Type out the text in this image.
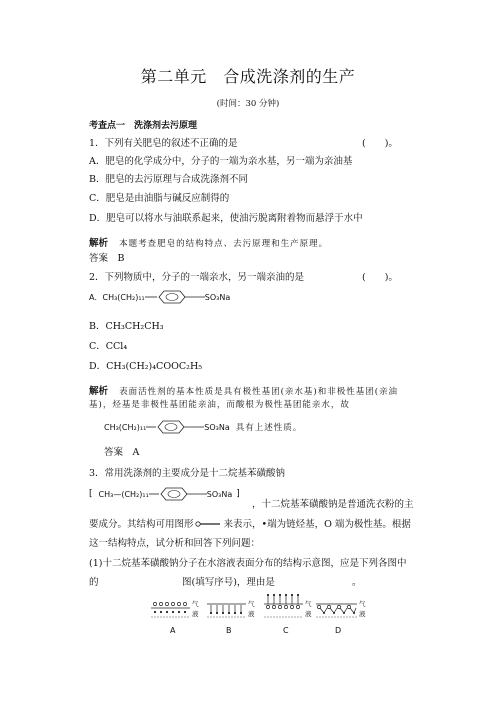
第二单元　合成洗涤剂的生产
(时间：30 分钟)
考查点一　 洗涤剂去污原理
1．下列有关肥皂的叙述不正确的是	(　　)。
A．肥皂的化学成分中，分子的一端为亲水基，另一端为亲油基
B．肥皂的去污原理与合成洗涤剂不同
C．肥皂是由油脂与碱反应制得的
D．肥皂可以将水与油联系起来，使油污脱离附着物而悬浮于水中
解析 本题考查肥皂的结构特点、去污原理和生产原理。
答案　 B
2．下列物质中，分子的一端亲水，另一端亲油的是	(　　)。
A． CH₃(CH₂)₁₁	SO₃Na
B．CH₃CH₂CH₃
C．CCl₄
D．CH₃(CH₂)₄COOC₂H₅
解析 表面活性剂的基本性质是具有极性基团(亲水基)和非极性基团(亲油
基)，烃基是非极性基团能亲油，而酸根为极性基团能亲水，故
CH₃(CH₂)₁₁	SO₃Na 具有上述性质。
答案　 A
3．常用洗涤剂的主要成分是十二烷基苯磺酸钠
[ CH₃—(CH₂)₁₁	SO₃Na ]
，十二烷基苯磺酸钠是普通洗衣粉的主
要成分。其结构可用图形	来表示，•端为链烃基，O 端为极性基。根据
这一结构特点，试分析和回答下列问题：
(1)十二烷基苯磺酸钠分子在水溶液表面分布的结构示意图，应是下列各图中
的	图(填写序号)，理由是	。
气
液
A
气
液
B
气
液
C
气
液
D
